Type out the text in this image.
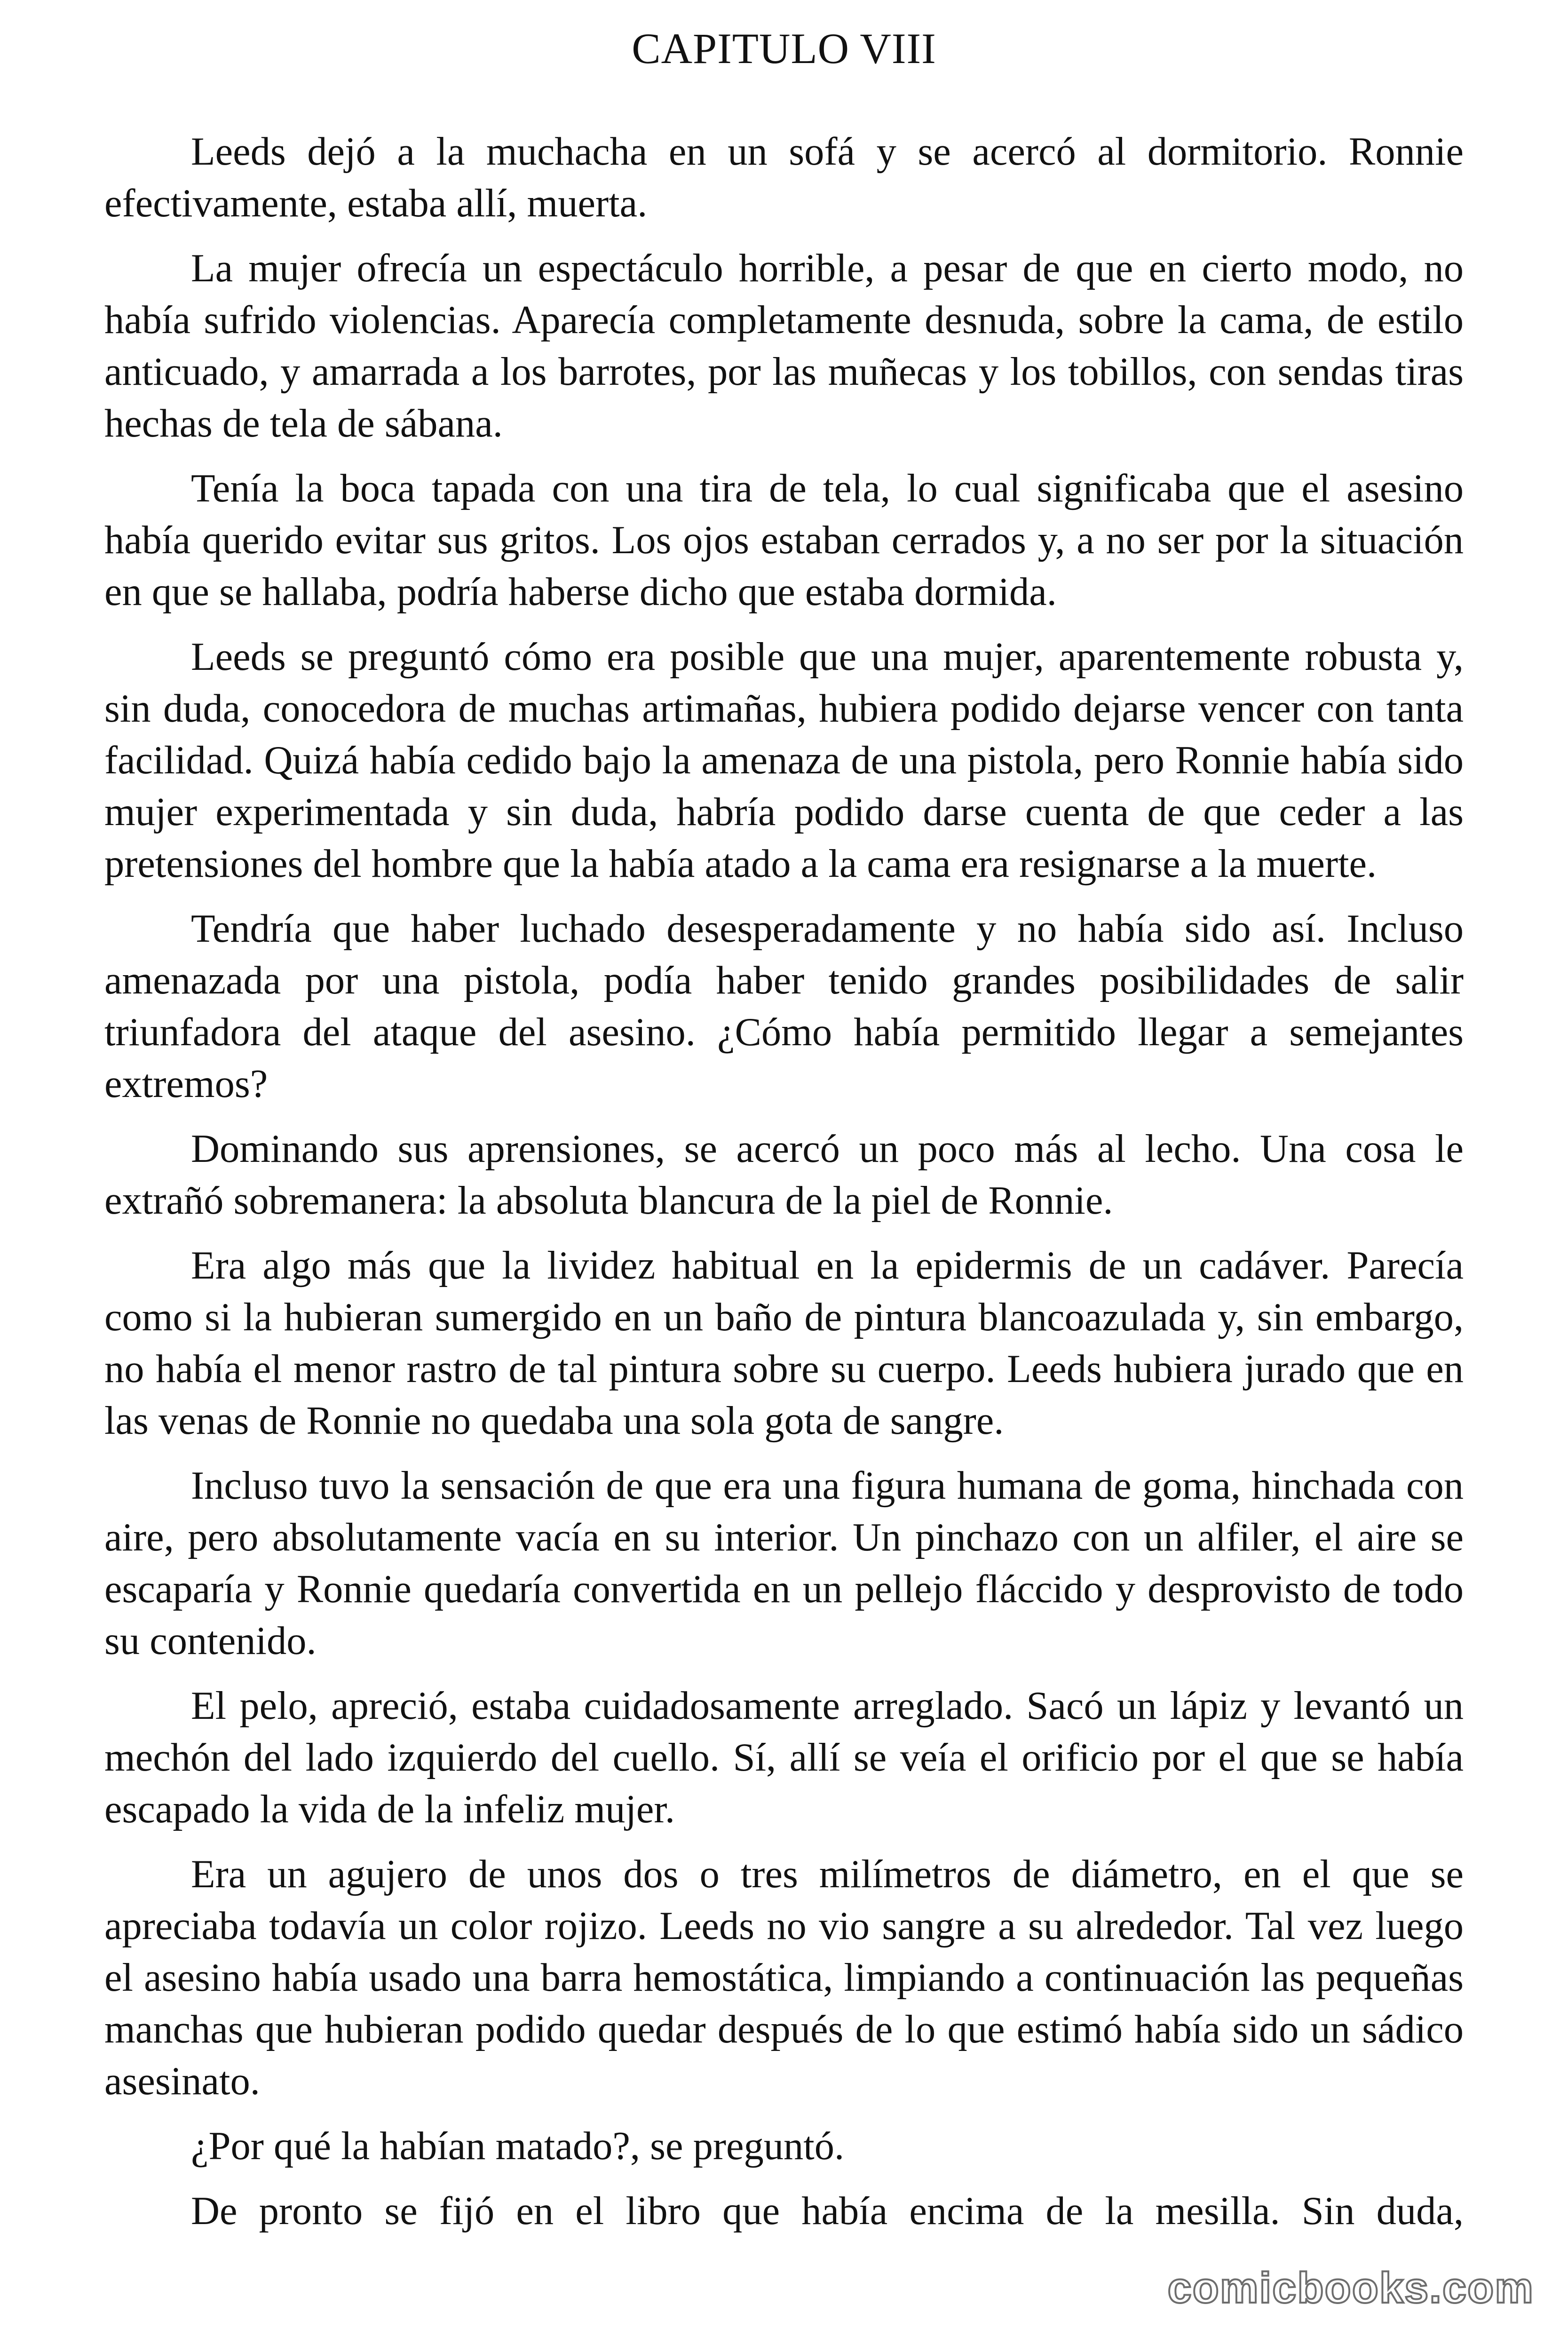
CAPITULO VIII

Leeds dejó a la muchacha en un sofá y se acercó al dormitorio. Ronnie efectivamente, estaba allí, muerta.

La mujer ofrecía un espectáculo horrible, a pesar de que en cierto modo, no había sufrido violencias. Aparecía completamente desnuda, sobre la cama, de estilo anticuado, y amarrada a los barrotes, por las muñecas y los tobillos, con sendas tiras hechas de tela de sábana.

Tenía la boca tapada con una tira de tela, lo cual significaba que el asesino había querido evitar sus gritos. Los ojos estaban cerrados y, a no ser por la situación en que se hallaba, podría haberse dicho que estaba dormida.

Leeds se preguntó cómo era posible que una mujer, aparentemente robusta y, sin duda, conocedora de muchas artimañas, hubiera podido dejarse vencer con tanta facilidad. Quizá había cedido bajo la amenaza de una pistola, pero Ronnie había sido mujer experimentada y sin duda, habría podido darse cuenta de que ceder a las pretensiones del hombre que la había atado a la cama era resignarse a la muerte.

Tendría que haber luchado desesperadamente y no había sido así. Incluso amenazada por una pistola, podía haber tenido grandes posibilidades de salir triunfadora del ataque del asesino. ¿Cómo había permitido llegar a semejantes extremos?

Dominando sus aprensiones, se acercó un poco más al lecho. Una cosa le extrañó sobremanera: la absoluta blancura de la piel de Ronnie.

Era algo más que la lividez habitual en la epidermis de un cadáver. Parecía como si la hubieran sumergido en un baño de pintura blancoazulada y, sin embargo, no había el menor rastro de tal pintura sobre su cuerpo. Leeds hubiera jurado que en las venas de Ronnie no quedaba una sola gota de sangre.

Incluso tuvo la sensación de que era una figura humana de goma, hinchada con aire, pero absolutamente vacía en su interior. Un pinchazo con un alfiler, el aire se escaparía y Ronnie quedaría convertida en un pellejo fláccido y desprovisto de todo su contenido.

El pelo, apreció, estaba cuidadosamente arreglado. Sacó un lápiz y levantó un mechón del lado izquierdo del cuello. Sí, allí se veía el orificio por el que se había escapado la vida de la infeliz mujer.

Era un agujero de unos dos o tres milímetros de diámetro, en el que se apreciaba todavía un color rojizo. Leeds no vio sangre a su alrededor. Tal vez luego el asesino había usado una barra hemostática, limpiando a continuación las pequeñas manchas que hubieran podido quedar después de lo que estimó había sido un sádico asesinato.

¿Por qué la habían matado?, se preguntó.

De pronto se fijó en el libro que había encima de la mesilla. Sin duda,

comicbooks.com
